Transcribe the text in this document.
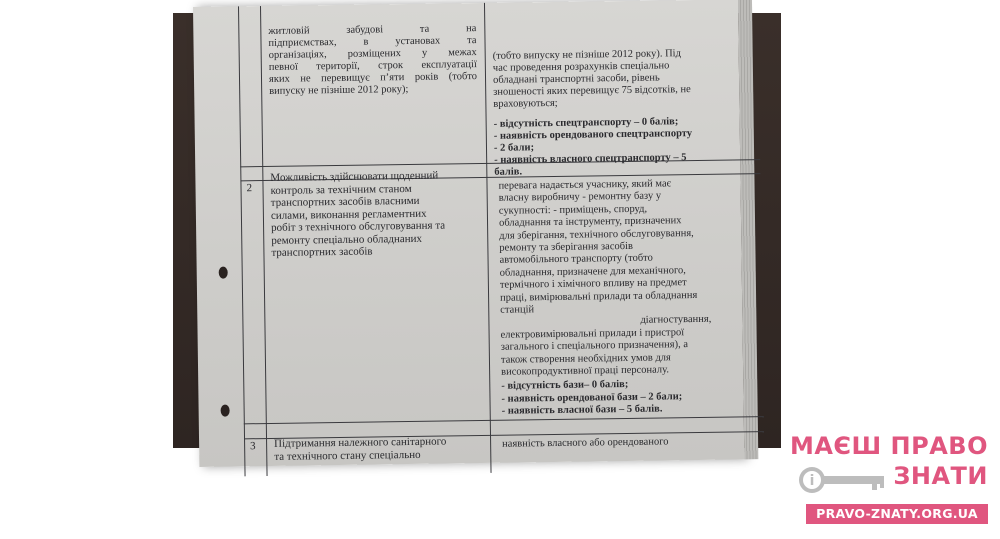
житловій забудові та на
підприємствах, в установах та
організаціях, розміщених у межах
певної території, строк експлуатації
яких не перевищує п’яти років (тобто
випуску не пізніше 2012 року);
(тобто випуску не пізніше 2012 року). Під
час проведення розрахунків спеціально
обладнані транспортні засоби, рівень
зношеності яких перевищує 75 відсотків, не
враховуються;
- відсутність спецтранспорту – 0 балів;
- наявність орендованого спецтранспорту
- 2 бали;
- наявність власного спецтранспорту – 5
балів.
2
Можливість здійснювати щоденний
контроль за технічним станом
транспортних засобів власними
силами, виконання регламентних
робіт з технічного обслуговування та
ремонту спеціально обладнаних
транспортних засобів
перевага надається учаснику, який має
власну виробничу - ремонтну базу у
сукупності: - приміщень, споруд,
обладнання та інструменту, призначених
для зберігання, технічного обслуговування,
ремонту та зберігання засобів
автомобільного транспорту (тобто
обладнання, призначене для механічного,
термічного і хімічного впливу на предмет
праці, вимірювальні прилади та обладнання
станцій
діагностування,
електровимірювальні прилади і пристрої
загального і спеціального призначення), а
також створення необхідних умов для
високопродуктивної праці персоналу.
- відсутність бази– 0 балів;
- наявність орендованої бази – 2 бали;
- наявність власної бази – 5 балів.
3 Підтримання належного санітарного
та технічного стану спеціально
наявність власного або орендованого	МАЄШ ПРАВО
i	ЗНАТИ
PRAVO-ZNATY.ORG.UA
